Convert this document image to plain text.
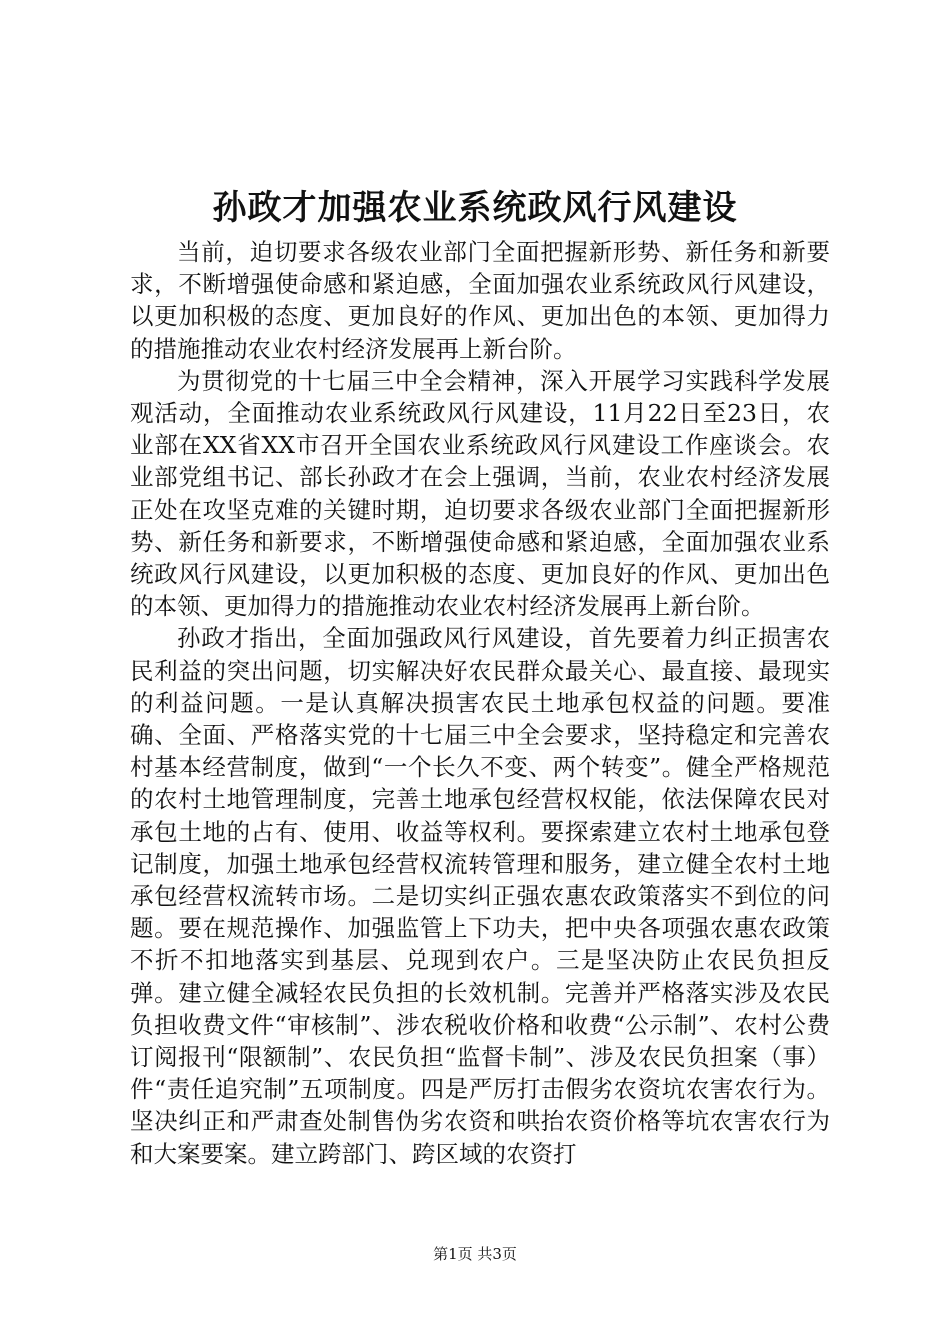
孙政才加强农业系统政风行风建设

当前，迫切要求各级农业部门全面把握新形势、新任务和新要求，不断增强使命感和紧迫感，全面加强农业系统政风行风建设，以更加积极的态度、更加良好的作风、更加出色的本领、更加得力的措施推动农业农村经济发展再上新台阶。

为贯彻党的十七届三中全会精神，深入开展学习实践科学发展观活动，全面推动农业系统政风行风建设，11月22日至23日，农业部在XX省XX市召开全国农业系统政风行风建设工作座谈会。农业部党组书记、部长孙政才在会上强调，当前，农业农村经济发展正处在攻坚克难的关键时期，迫切要求各级农业部门全面把握新形势、新任务和新要求，不断增强使命感和紧迫感，全面加强农业系统政风行风建设，以更加积极的态度、更加良好的作风、更加出色的本领、更加得力的措施推动农业农村经济发展再上新台阶。

孙政才指出，全面加强政风行风建设，首先要着力纠正损害农民利益的突出问题，切实解决好农民群众最关心、最直接、最现实的利益问题。一是认真解决损害农民土地承包权益的问题。要准确、全面、严格落实党的十七届三中全会要求，坚持稳定和完善农村基本经营制度，做到“一个长久不变、两个转变”。健全严格规范的农村土地管理制度，完善土地承包经营权权能，依法保障农民对承包土地的占有、使用、收益等权利。要探索建立农村土地承包登记制度，加强土地承包经营权流转管理和服务，建立健全农村土地承包经营权流转市场。二是切实纠正强农惠农政策落实不到位的问题。要在规范操作、加强监管上下功夫，把中央各项强农惠农政策不折不扣地落实到基层、兑现到农户。三是坚决防止农民负担反弹。建立健全减轻农民负担的长效机制。完善并严格落实涉及农民负担收费文件“审核制”、涉农税收价格和收费“公示制”、农村公费订阅报刊“限额制”、农民负担“监督卡制”、涉及农民负担案（事）件“责任追究制”五项制度。四是严厉打击假劣农资坑农害农行为。坚决纠正和严肃查处制售伪劣农资和哄抬农资价格等坑农害农行为和大案要案。建立跨部门、跨区域的农资打

第1页 共3页
